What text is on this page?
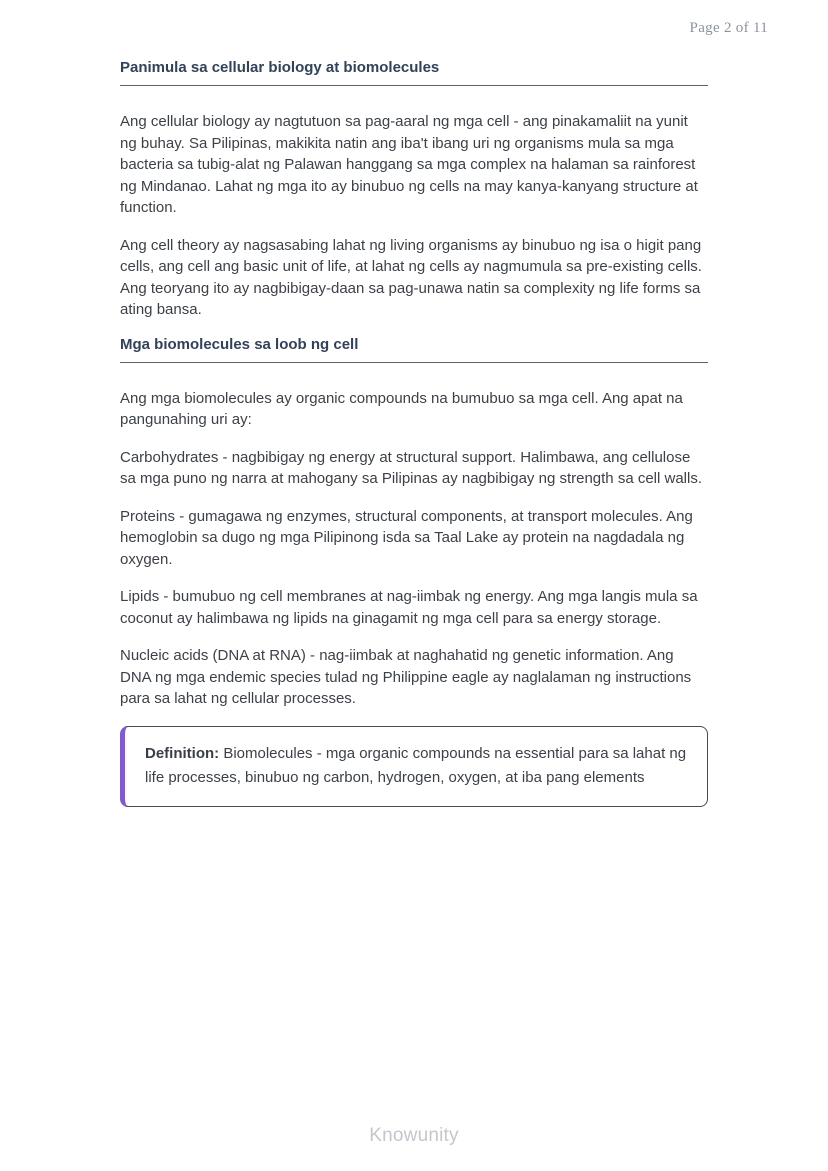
Page 2 of 11
Panimula sa cellular biology at biomolecules

Ang cellular biology ay nagtutuon sa pag-aaral ng mga cell - ang pinakamaliit na yunit ng buhay. Sa Pilipinas, makikita natin ang iba't ibang uri ng organisms mula sa mga bacteria sa tubig-alat ng Palawan hanggang sa mga complex na halaman sa rainforest ng Mindanao. Lahat ng mga ito ay binubuo ng cells na may kanya-kanyang structure at function.

Ang cell theory ay nagsasabing lahat ng living organisms ay binubuo ng isa o higit pang cells, ang cell ang basic unit of life, at lahat ng cells ay nagmumula sa pre-existing cells. Ang teoryang ito ay nagbibigay-daan sa pag-unawa natin sa complexity ng life forms sa ating bansa.

Mga biomolecules sa loob ng cell

Ang mga biomolecules ay organic compounds na bumubuo sa mga cell. Ang apat na pangunahing uri ay:

Carbohydrates - nagbibigay ng energy at structural support. Halimbawa, ang cellulose sa mga puno ng narra at mahogany sa Pilipinas ay nagbibigay ng strength sa cell walls.

Proteins - gumagawa ng enzymes, structural components, at transport molecules. Ang hemoglobin sa dugo ng mga Pilipinong isda sa Taal Lake ay protein na nagdadala ng oxygen.

Lipids - bumubuo ng cell membranes at nag-iimbak ng energy. Ang mga langis mula sa coconut ay halimbawa ng lipids na ginagamit ng mga cell para sa energy storage.

Nucleic acids (DNA at RNA) - nag-iimbak at naghahatid ng genetic information. Ang DNA ng mga endemic species tulad ng Philippine eagle ay naglalaman ng instructions para sa lahat ng cellular processes.

Definition: Biomolecules - mga organic compounds na essential para sa lahat ng life processes, binubuo ng carbon, hydrogen, oxygen, at iba pang elements

Knowunity
